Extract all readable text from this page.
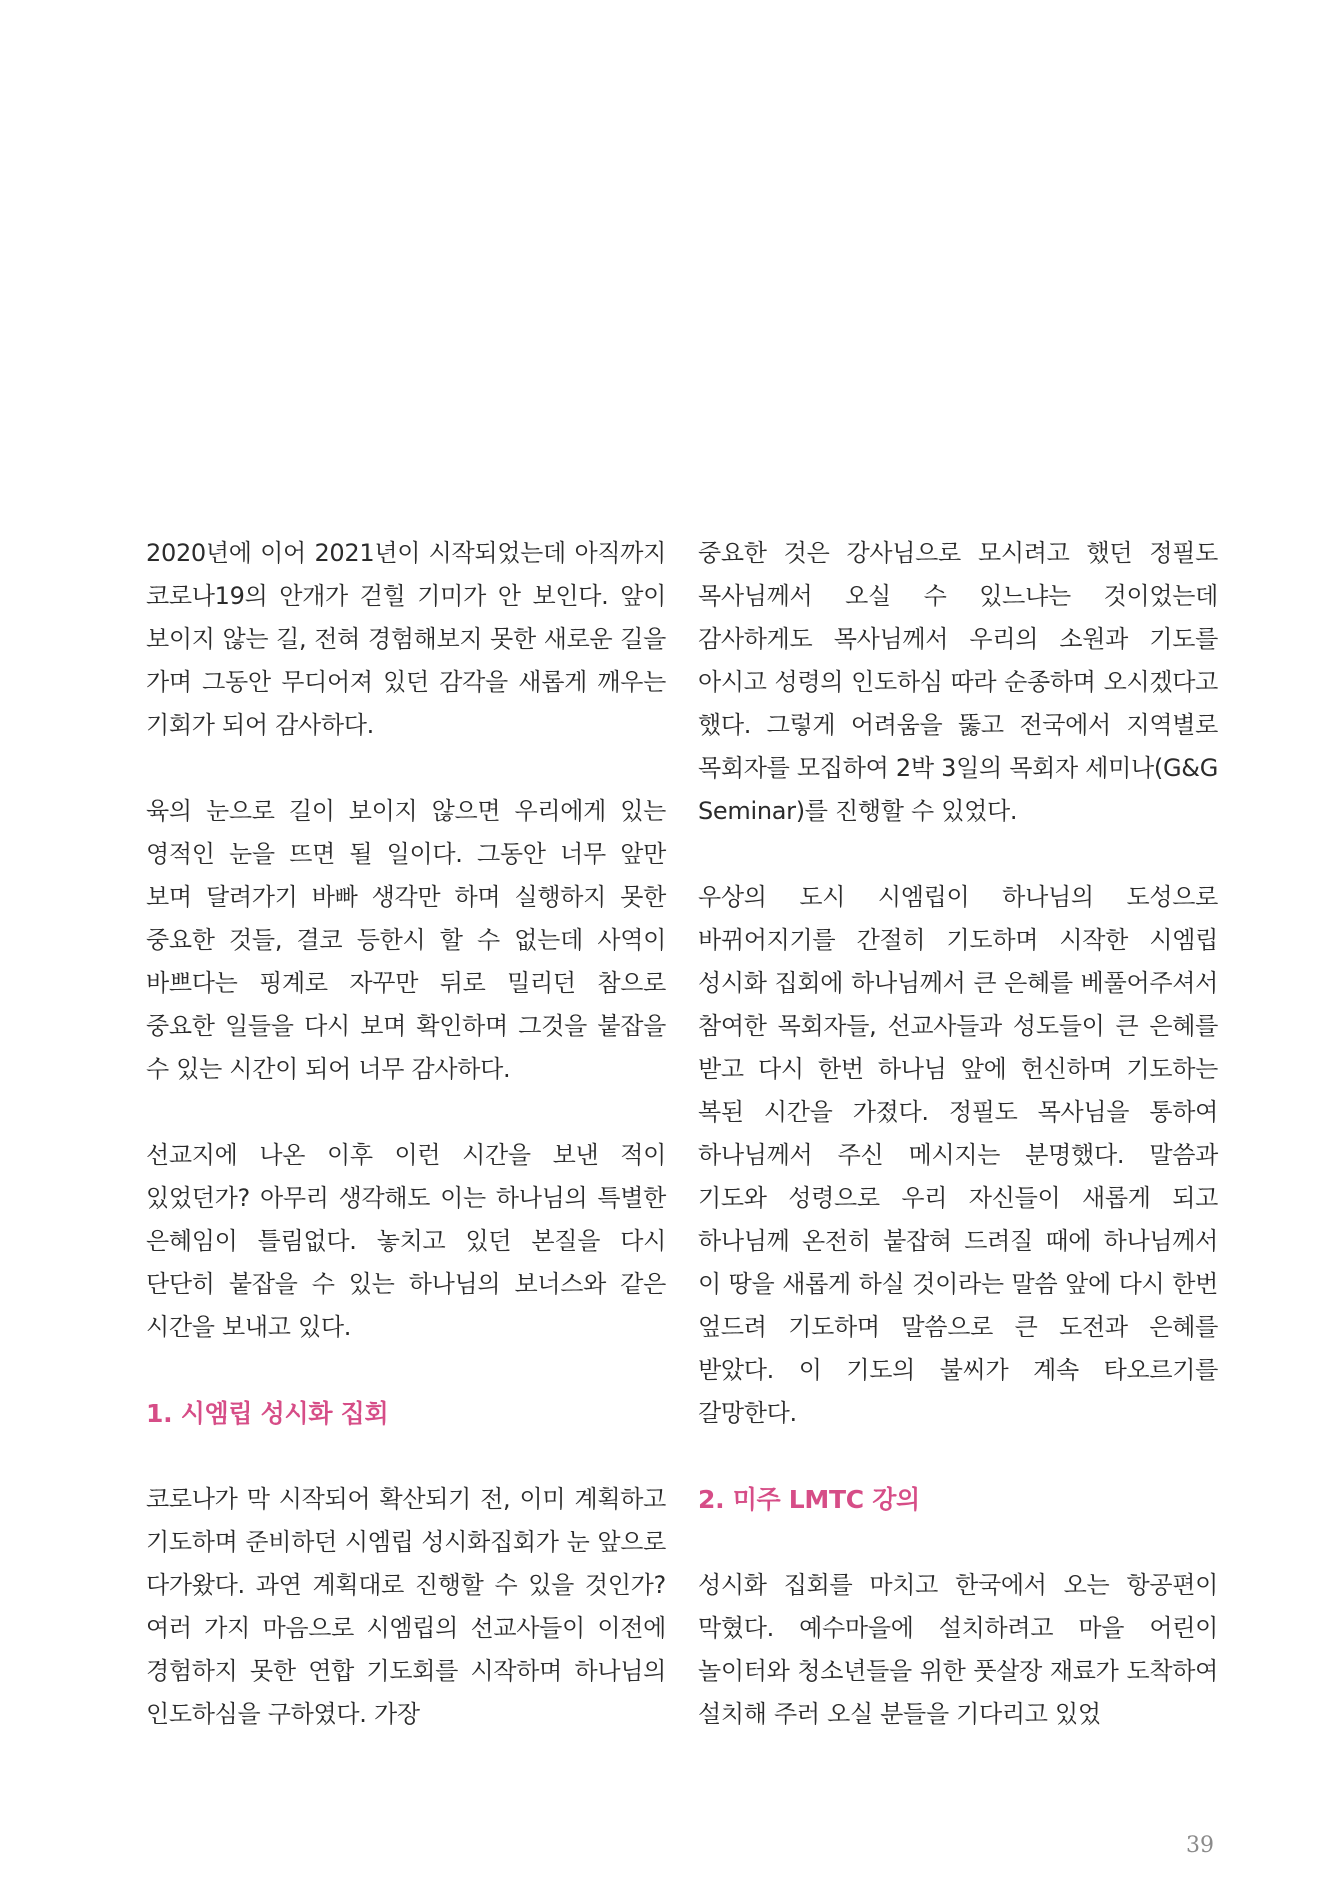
2020년에 이어 2021년이 시작되었는데 아직까지 코로나19의 안개가 걷힐 기미가 안 보인다. 앞이 보이지 않는 길, 전혀 경험해보지 못한 새로운 길을 가며 그동안 무디어져 있던 감각을 새롭게 깨우는 기회가 되어 감사하다.

육의 눈으로 길이 보이지 않으면 우리에게 있는 영적인 눈을 뜨면 될 일이다. 그동안 너무 앞만 보며 달려가기 바빠 생각만 하며 실행하지 못한 중요한 것들, 결코 등한시 할 수 없는데 사역이 바쁘다는 핑계로 자꾸만 뒤로 밀리던 참으로 중요한 일들을 다시 보며 확인하며 그것을 붙잡을 수 있는 시간이 되어 너무 감사하다.

선교지에 나온 이후 이런 시간을 보낸 적이 있었던가? 아무리 생각해도 이는 하나님의 특별한 은혜임이 틀림없다. 놓치고 있던 본질을 다시 단단히 붙잡을 수 있는 하나님의 보너스와 같은 시간을 보내고 있다.

1. 시엠립 성시화 집회

코로나가 막 시작되어 확산되기 전, 이미 계획하고 기도하며 준비하던 시엠립 성시화집회가 눈 앞으로 다가왔다. 과연 계획대로 진행할 수 있을 것인가? 여러 가지 마음으로 시엠립의 선교사들이 이전에 경험하지 못한 연합 기도회를 시작하며 하나님의 인도하심을 구하였다. 가장

중요한 것은 강사님으로 모시려고 했던 정필도 목사님께서 오실 수 있느냐는 것이었는데 감사하게도 목사님께서 우리의 소원과 기도를 아시고 성령의 인도하심 따라 순종하며 오시겠다고 했다. 그렇게 어려움을 뚫고 전국에서 지역별로 목회자를 모집하여 2박 3일의 목회자 세미나(G&G Seminar)를 진행할 수 있었다.

우상의 도시 시엠립이 하나님의 도성으로 바뀌어지기를 간절히 기도하며 시작한 시엠립 성시화 집회에 하나님께서 큰 은혜를 베풀어주셔서 참여한 목회자들, 선교사들과 성도들이 큰 은혜를 받고 다시 한번 하나님 앞에 헌신하며 기도하는 복된 시간을 가졌다. 정필도 목사님을 통하여 하나님께서 주신 메시지는 분명했다. 말씀과 기도와 성령으로 우리 자신들이 새롭게 되고 하나님께 온전히 붙잡혀 드려질 때에 하나님께서 이 땅을 새롭게 하실 것이라는 말씀 앞에 다시 한번 엎드려 기도하며 말씀으로 큰 도전과 은혜를 받았다. 이 기도의 불씨가 계속 타오르기를 갈망한다.

2. 미주 LMTC 강의

성시화 집회를 마치고 한국에서 오는 항공편이 막혔다. 예수마을에 설치하려고 마을 어린이 놀이터와 청소년들을 위한 풋살장 재료가 도착하여 설치해 주러 오실 분들을 기다리고 있었

39
